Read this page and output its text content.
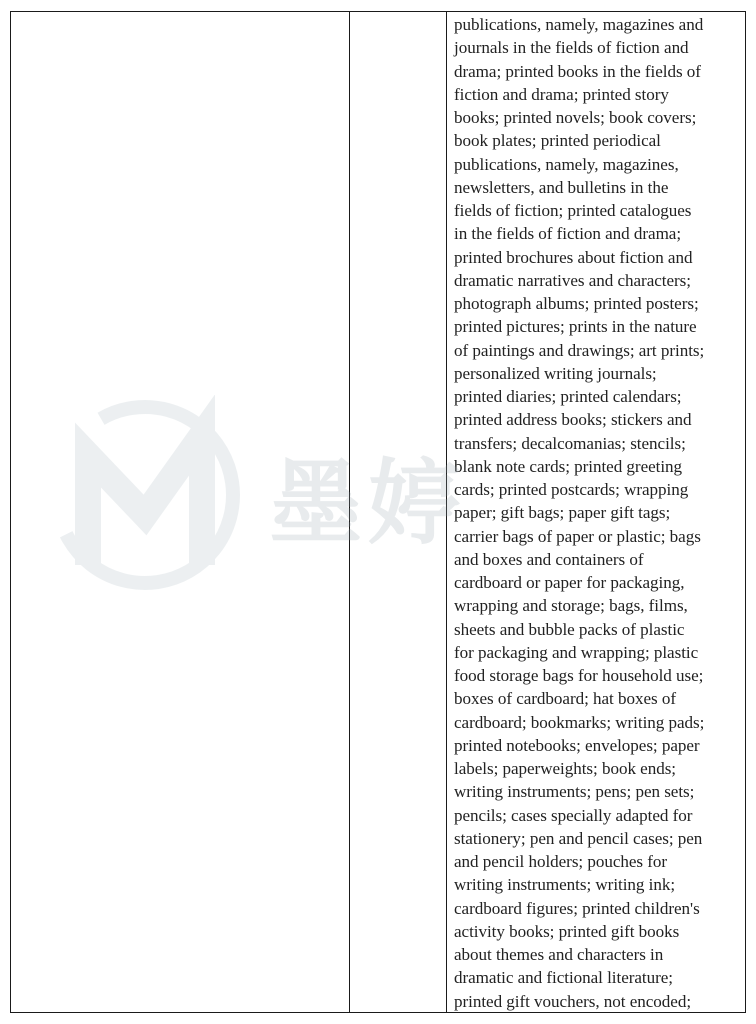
publications, namely, magazines and
journals in the fields of fiction and
drama; printed books in the fields of
fiction and drama; printed story
books; printed novels; book covers;
book plates; printed periodical
publications, namely, magazines,
newsletters, and bulletins in the
fields of fiction; printed catalogues
in the fields of fiction and drama;
printed brochures about fiction and
dramatic narratives and characters;
photograph albums; printed posters;
printed pictures; prints in the nature
of paintings and drawings; art prints;
personalized writing journals;
printed diaries; printed calendars;
printed address books; stickers and
transfers; decalcomanias; stencils;
blank note cards; printed greeting
cards; printed postcards; wrapping
paper; gift bags; paper gift tags;
carrier bags of paper or plastic; bags
and boxes and containers of
cardboard or paper for packaging,
wrapping and storage; bags, films,
sheets and bubble packs of plastic
for packaging and wrapping; plastic
food storage bags for household use;
boxes of cardboard; hat boxes of
cardboard; bookmarks; writing pads;
printed notebooks; envelopes; paper
labels; paperweights; book ends;
writing instruments; pens; pen sets;
pencils; cases specially adapted for
stationery; pen and pencil cases; pen
and pencil holders; pouches for
writing instruments; writing ink;
cardboard figures; printed children's
activity books; printed gift books
about themes and characters in
dramatic and fictional literature;
printed gift vouchers, not encoded;

墨婷
